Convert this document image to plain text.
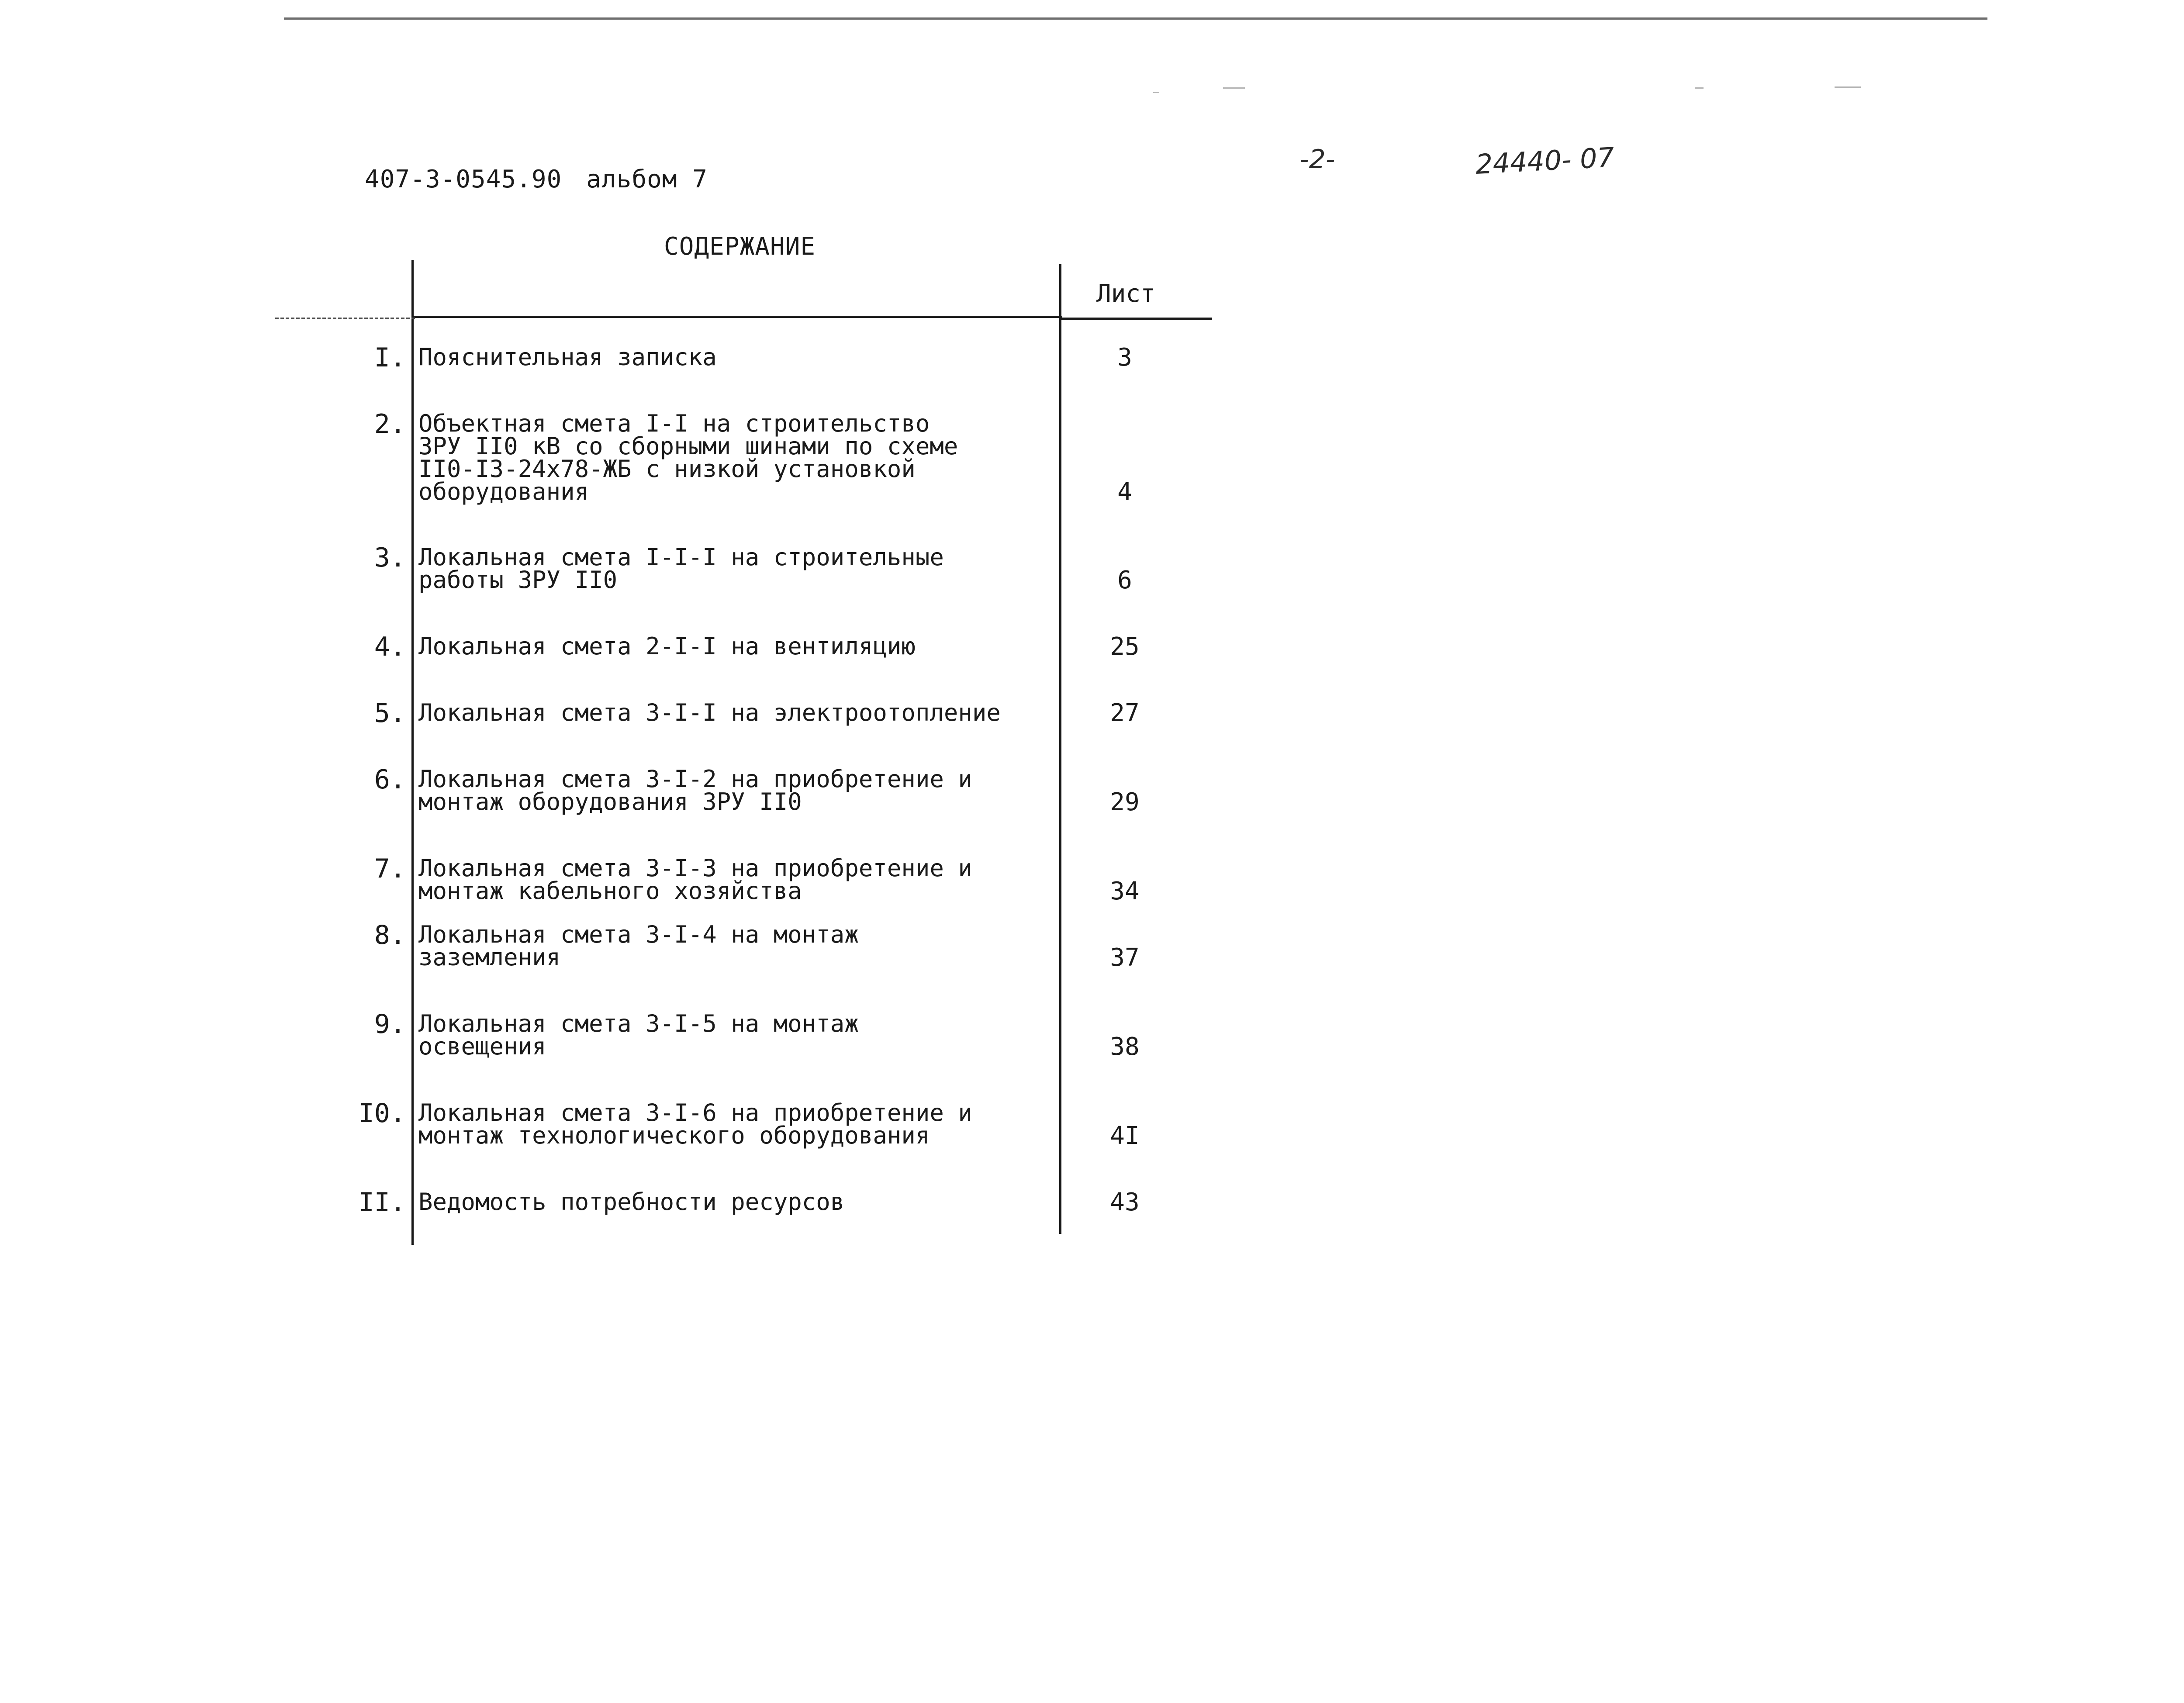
407-3-0545.90 альбом 7
-2-	24440- 07
СОДЕРЖАНИЕ
Лист
I. Пояснительная записка	3
2. Объектная смета I-I на строительство
ЗРУ II0 кВ со сборными шинами по схеме
II0-I3-24х78-ЖБ с низкой установкой
оборудования	4
3. Локальная смета I-I-I на строительные
работы ЗРУ II0	6
4. Локальная смета 2-I-I на вентиляцию	25
5. Локальная смета 3-I-I на электроотопление	27
6. Локальная смета 3-I-2 на приобретение и
монтаж оборудования ЗРУ II0	29
7. Локальная смета 3-I-3 на приобретение и
монтаж кабельного хозяйства	34
8. Локальная смета 3-I-4 на монтаж
заземления	37
9. Локальная смета 3-I-5 на монтаж
освещения	38
I0. Локальная смета 3-I-6 на приобретение и
монтаж технологического оборудования	4I
II. Ведомость потребности ресурсов	43
